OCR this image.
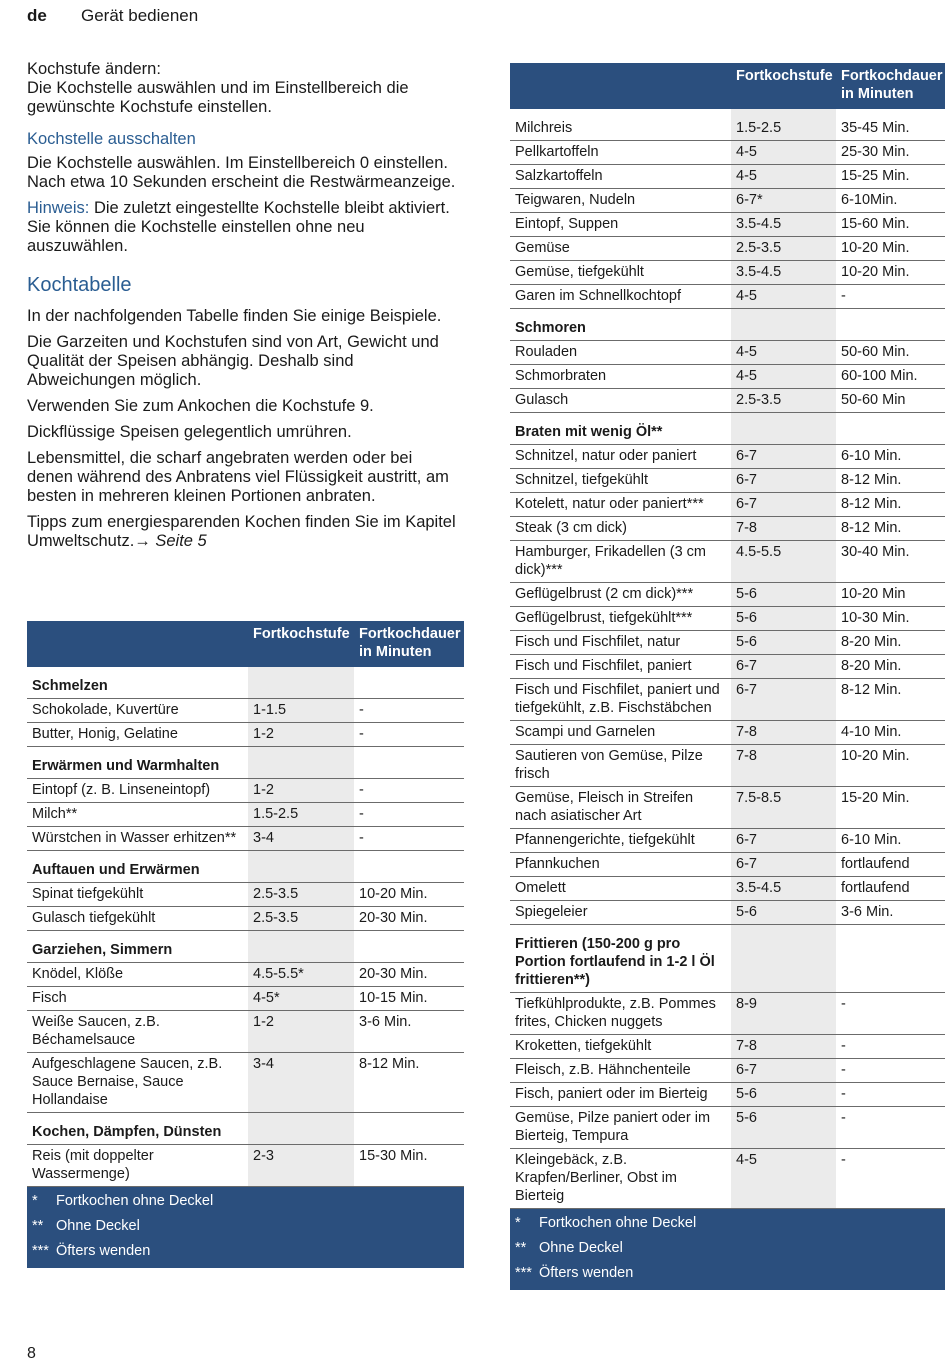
de Gerät bedienen

Kochstufe ändern:
Die Kochstelle auswählen und im Einstellbereich die gewünschte Kochstufe einstellen.

Kochstelle ausschalten

Die Kochstelle auswählen. Im Einstellbereich 0 einstellen. Nach etwa 10 Sekunden erscheint die Restwärmeanzeige.

Hinweis: Die zuletzt eingestellte Kochstelle bleibt aktiviert. Sie können die Kochstelle einstellen ohne neu auszuwählen.

Kochtabelle

In der nachfolgenden Tabelle finden Sie einige Beispiele.

Die Garzeiten und Kochstufen sind von Art, Gewicht und Qualität der Speisen abhängig. Deshalb sind Abweichungen möglich.

Verwenden Sie zum Ankochen die Kochstufe 9.

Dickflüssige Speisen gelegentlich umrühren.

Lebensmittel, die scharf angebraten werden oder bei denen während des Anbratens viel Flüssigkeit austritt, am besten in mehreren kleinen Portionen anbraten.

Tipps zum energiesparenden Kochen finden Sie im Kapitel Umweltschutz.→ Seite 5

	Fortkochstufe	Fortkochdauer in Minuten
Schmelzen		
Schokolade, Kuvertüre	1-1.5	-
Butter, Honig, Gelatine	1-2	-
Erwärmen und Warmhalten		
Eintopf (z. B. Linseneintopf)	1-2	-
Milch**	1.5-2.5	-
Würstchen in Wasser erhitzen**	3-4	-
Auftauen und Erwärmen		
Spinat tiefgekühlt	2.5-3.5	10-20 Min.
Gulasch tiefgekühlt	2.5-3.5	20-30 Min.
Garziehen, Simmern		
Knödel, Klöße	4.5-5.5*	20-30 Min.
Fisch	4-5*	10-15 Min.
Weiße Saucen, z.B. Béchamelsauce	1-2	3-6 Min.
Aufgeschlagene Saucen, z.B. Sauce Bernaise, Sauce Hollandaise	3-4	8-12 Min.
Kochen, Dämpfen, Dünsten		
Reis (mit doppelter Wassermenge)	2-3	15-30 Min.
* Fortkochen ohne Deckel		
** Ohne Deckel		
*** Öfters wenden		
	Fortkochstufe	Fortkochdauer in Minuten
Milchreis	1.5-2.5	35-45 Min.
Pellkartoffeln	4-5	25-30 Min.
Salzkartoffeln	4-5	15-25 Min.
Teigwaren, Nudeln	6-7*	6-10Min.
Eintopf, Suppen	3.5-4.5	15-60 Min.
Gemüse	2.5-3.5	10-20 Min.
Gemüse, tiefgekühlt	3.5-4.5	10-20 Min.
Garen im Schnellkochtopf	4-5	-
Schmoren		
Rouladen	4-5	50-60 Min.
Schmorbraten	4-5	60-100 Min.
Gulasch	2.5-3.5	50-60 Min
Braten mit wenig Öl**		
Schnitzel, natur oder paniert	6-7	6-10 Min.
Schnitzel, tiefgekühlt	6-7	8-12 Min.
Kotelett, natur oder paniert***	6-7	8-12 Min.
Steak (3 cm dick)	7-8	8-12 Min.
Hamburger, Frikadellen (3 cm dick)***	4.5-5.5	30-40 Min.
Geflügelbrust (2 cm dick)***	5-6	10-20 Min
Geflügelbrust, tiefgekühlt***	5-6	10-30 Min.
Fisch und Fischfilet, natur	5-6	8-20 Min.
Fisch und Fischfilet, paniert	6-7	8-20 Min.
Fisch und Fischfilet, paniert und tiefgekühlt, z.B. Fischstäbchen	6-7	8-12 Min.
Scampi und Garnelen	7-8	4-10 Min.
Sautieren von Gemüse, Pilze frisch	7-8	10-20 Min.
Gemüse, Fleisch in Streifen nach asiatischer Art	7.5-8.5	15-20 Min.
Pfannengerichte, tiefgekühlt	6-7	6-10 Min.
Pfannkuchen	6-7	fortlaufend
Omelett	3.5-4.5	fortlaufend
Spiegeleier	5-6	3-6 Min.
Frittieren (150-200 g pro Portion fortlaufend in 1-2 l Öl frittieren**)		
Tiefkühlprodukte, z.B. Pommes frites, Chicken nuggets	8-9	-
Kroketten, tiefgekühlt	7-8	-
Fleisch, z.B. Hähnchenteile	6-7	-
Fisch, paniert oder im Bierteig	5-6	-
Gemüse, Pilze paniert oder im Bierteig, Tempura	5-6	-
Kleingebäck, z.B. Krapfen/Berliner, Obst im Bierteig	4-5	-
* Fortkochen ohne Deckel		
** Ohne Deckel		
*** Öfters wenden		
8
